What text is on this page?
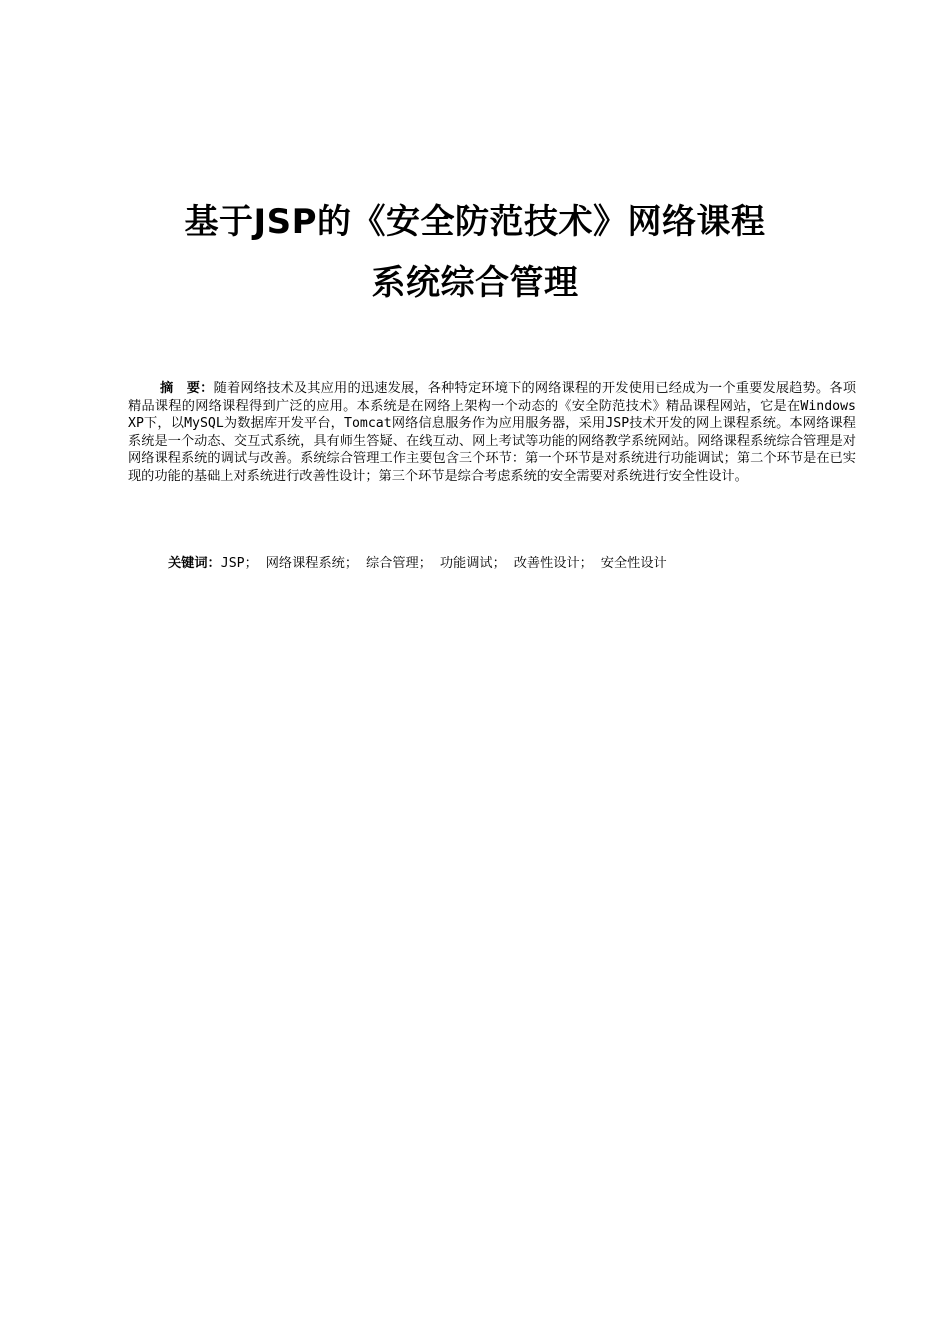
基于JSP的《安全防范技术》网络课程
系统综合管理

摘　要：随着网络技术及其应用的迅速发展，各种特定环境下的网络课程的开发使用已经成为一个重要发展趋势。各项精品课程的网络课程得到广泛的应用。本系统是在网络上架构一个动态的《安全防范技术》精品课程网站，它是在Windows XP下，以MySQL为数据库开发平台，Tomcat网络信息服务作为应用服务器，采用JSP技术开发的网上课程系统。本网络课程系统是一个动态、交互式系统，具有师生答疑、在线互动、网上考试等功能的网络教学系统网站。网络课程系统综合管理是对网络课程系统的调试与改善。系统综合管理工作主要包含三个环节：第一个环节是对系统进行功能调试；第二个环节是在已实现的功能的基础上对系统进行改善性设计；第三个环节是综合考虑系统的安全需要对系统进行安全性设计。

关键词：JSP； 网络课程系统； 综合管理； 功能调试； 改善性设计； 安全性设计
